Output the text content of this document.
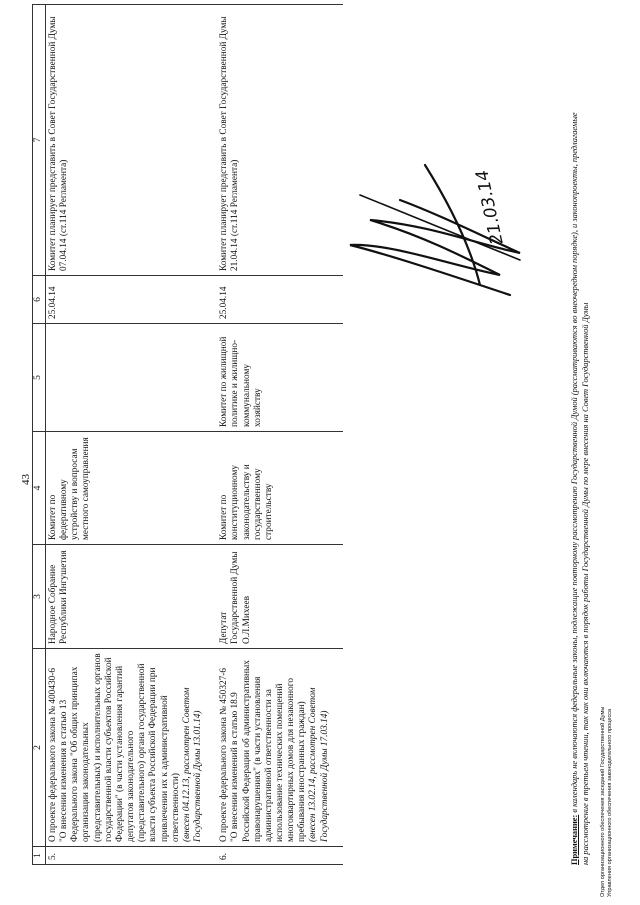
43
1	2	3	4	5	6	7
5.	О проекте федерального закона № 400430-6 "О внесении изменения в статью 13 Федерального закона "Об общих принципах организации законодательных (представительных) и исполнительных органов государственной власти субъектов Российской Федерации" (в части установления гарантий депутатов законодательного (представительного) органа государственной власти субъекта Российской Федерации при привлечении их к административной ответственности) (внесен 04.12.13, рассмотрен Советом Государственной Думы 13.01.14)	Народное Собрание Республики Ингушетия	Комитет по федеративному устройству и вопросам местного самоуправления		25.04.14	Комитет планирует представить в Совет Государственной Думы 07.04.14 (ст.114 Регламента)
6.	О проекте федерального закона № 450327-6 "О внесении изменений в статью 18.9 Российской Федерации об административных правонарушениях" (в части установления административной ответственности за использование технических помещений многоквартирных домов для незаконного пребывания иностранных граждан) (внесен 13.02.14, рассмотрен Советом Государственной Думы 17.03.14)	Депутат Государственной Думы О.Л.Михеев	Комитет по конституционному законодательству и государственному строительству	Комитет по жилищной политике и жилищно-коммунальному хозяйству	25.04.14	Комитет планирует представить в Совет Государственной Думы 21.04.14 (ст.114 Регламента)
Примечание: в календарь не включаются федеральные законы, подлежащие повторному рассмотрению Государственной Думой (рассматриваются во внеочередном порядке), и законопроекты, предлагаемые на рассмотрение в третьем чтении, так как они включаются в порядок работы Государственной Думы по мере внесения на Совет Государственной Думы Отдел организационного обеспечения заседаний Государственной Думы Управления организационного обеспечения законодательного процесса
21.03.14
